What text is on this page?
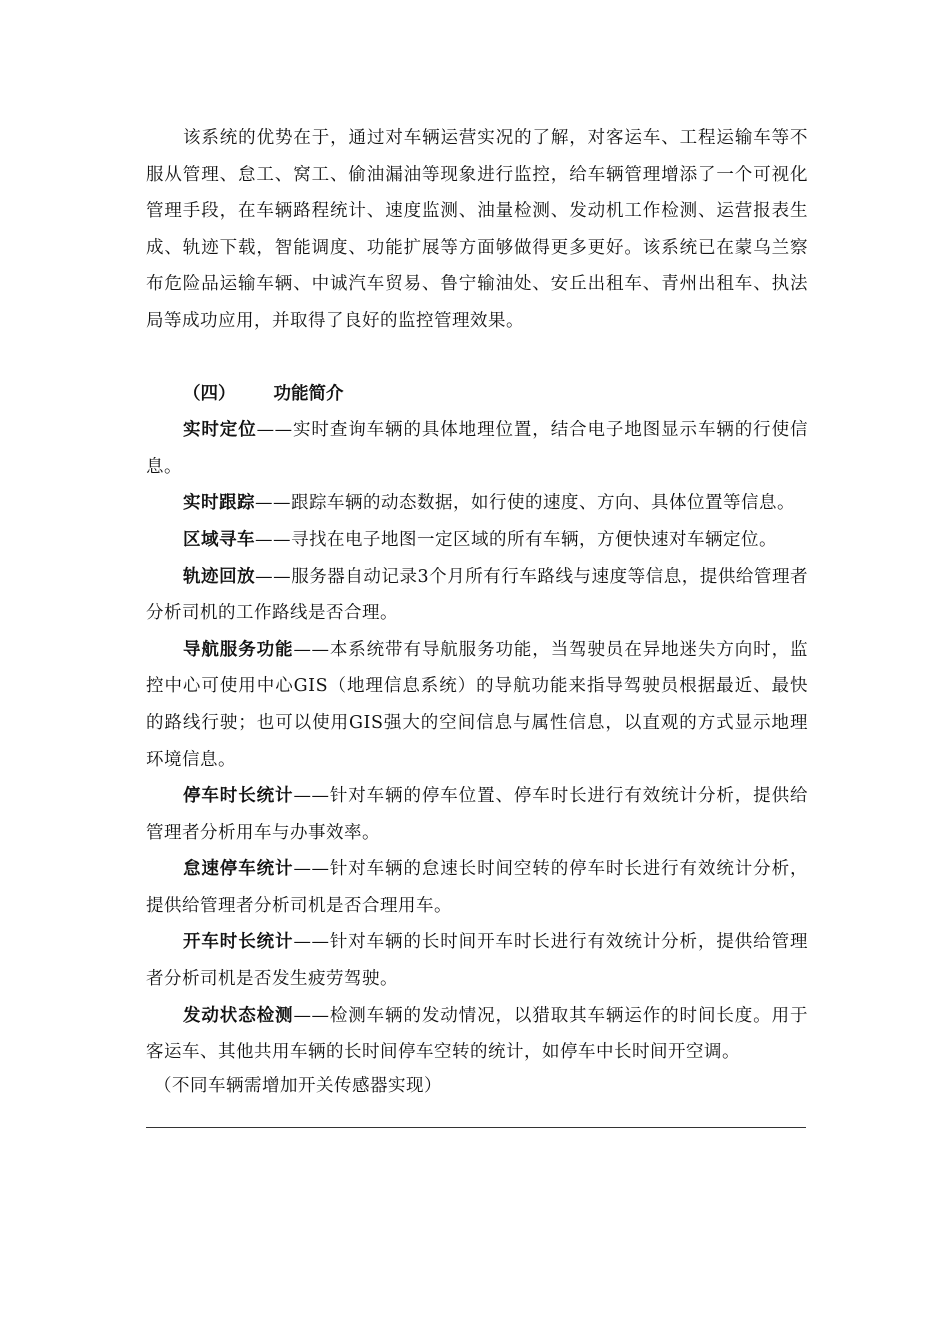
该系统的优势在于，通过对车辆运营实况的了解，对客运车、工程运输车等不服从管理、怠工、窝工、偷油漏油等现象进行监控，给车辆管理增添了一个可视化管理手段，在车辆路程统计、速度监测、油量检测、发动机工作检测、运营报表生成、轨迹下载，智能调度、功能扩展等方面够做得更多更好。该系统已在蒙乌兰察布危险品运输车辆、中诚汽车贸易、鲁宁输油处、安丘出租车、青州出租车、执法局等成功应用，并取得了良好的监控管理效果。

（四） 功能简介

实时定位——实时查询车辆的具体地理位置，结合电子地图显示车辆的行使信息。

实时跟踪——跟踪车辆的动态数据，如行使的速度、方向、具体位置等信息。

区域寻车——寻找在电子地图一定区域的所有车辆，方便快速对车辆定位。

轨迹回放——服务器自动记录3个月所有行车路线与速度等信息，提供给管理者分析司机的工作路线是否合理。

导航服务功能——本系统带有导航服务功能，当驾驶员在异地迷失方向时，监控中心可使用中心GIS（地理信息系统）的导航功能来指导驾驶员根据最近、最快的路线行驶；也可以使用GIS强大的空间信息与属性信息，以直观的方式显示地理环境信息。

停车时长统计——针对车辆的停车位置、停车时长进行有效统计分析，提供给管理者分析用车与办事效率。

怠速停车统计——针对车辆的怠速长时间空转的停车时长进行有效统计分析，提供给管理者分析司机是否合理用车。

开车时长统计——针对车辆的长时间开车时长进行有效统计分析，提供给管理者分析司机是否发生疲劳驾驶。

发动状态检测——检测车辆的发动情况，以猎取其车辆运作的时间长度。用于客运车、其他共用车辆的长时间停车空转的统计，如停车中长时间开空调。

（不同车辆需增加开关传感器实现）
